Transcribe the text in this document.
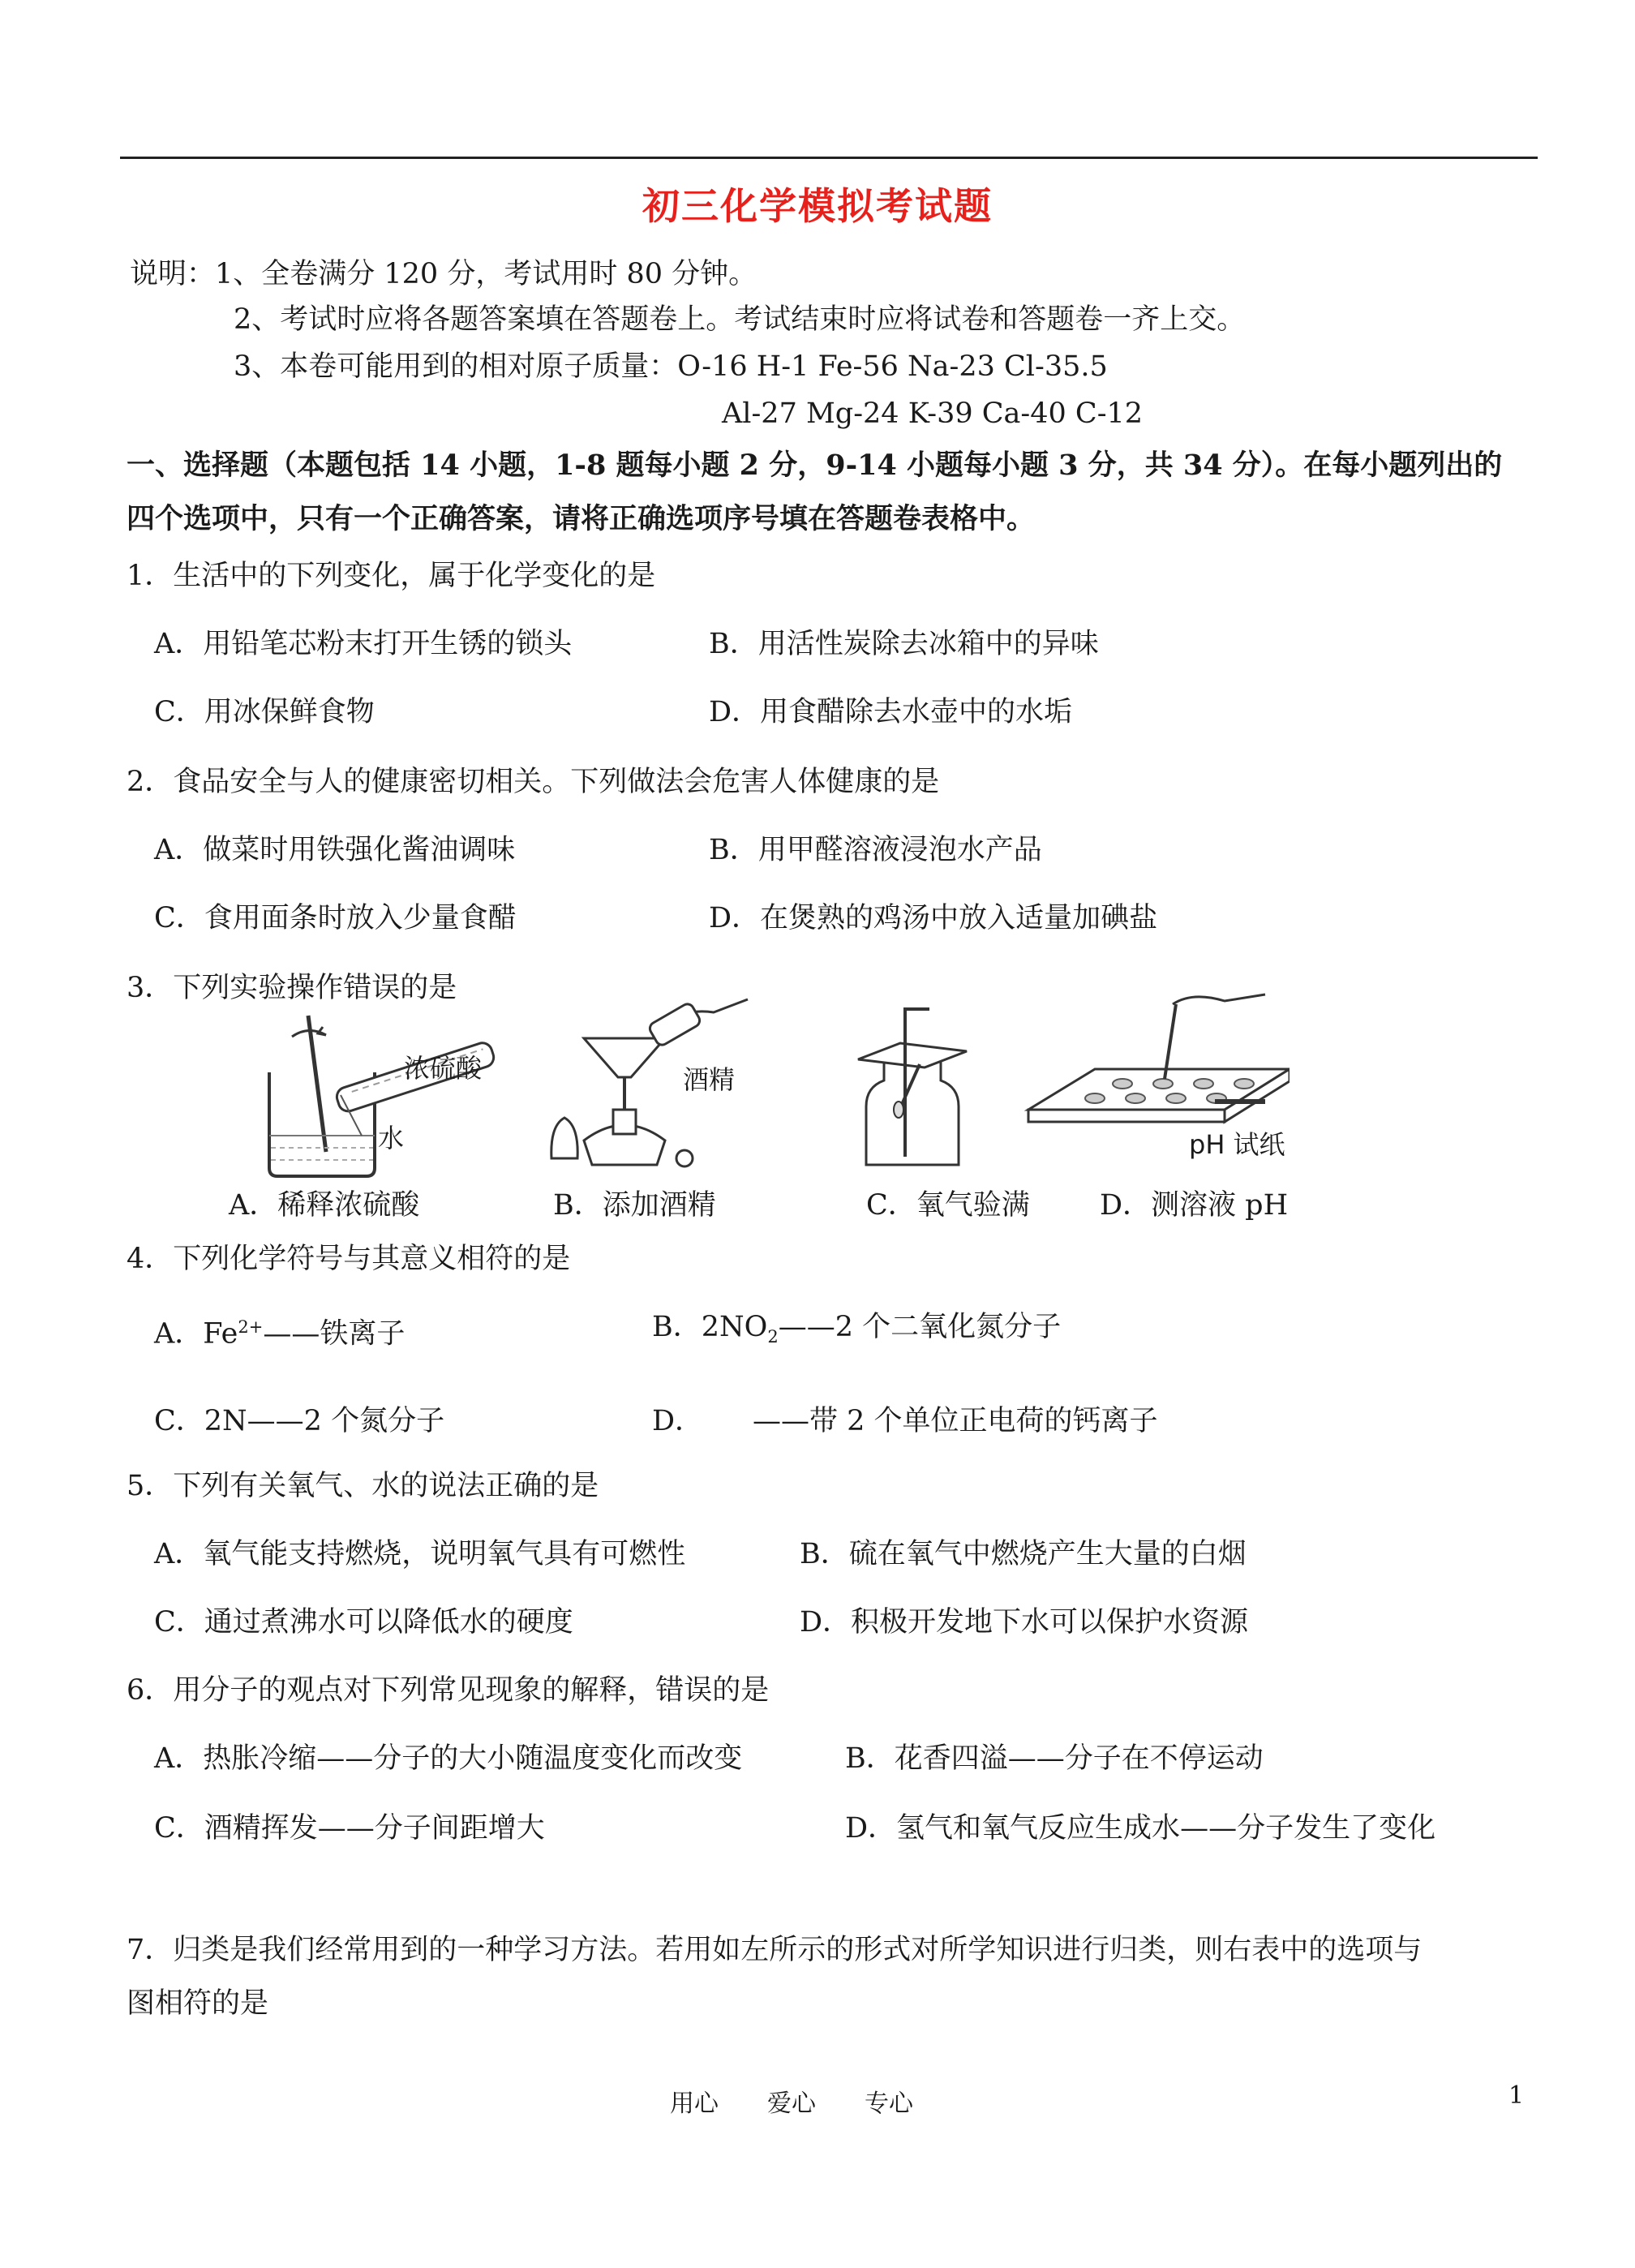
初三化学模拟考试题
说明：1、全卷满分 120 分，考试用时 80 分钟。
2、考试时应将各题答案填在答题卷上。考试结束时应将试卷和答题卷一齐上交。
3、本卷可能用到的相对原子质量：O-16 H-1 Fe-56 Na-23 Cl-35.5
Al-27 Mg-24 K-39 Ca-40 C-12
一、选择题（本题包括 14 小题，1-8 题每小题 2 分，9-14 小题每小题 3 分，共 34 分）。在每小题列出的
四个选项中，只有一个正确答案，请将正确选项序号填在答题卷表格中。
1．生活中的下列变化，属于化学变化的是
A．用铅笔芯粉末打开生锈的锁头	B．用活性炭除去冰箱中的异味
C．用冰保鲜食物	D．用食醋除去水壶中的水垢
2．食品安全与人的健康密切相关。下列做法会危害人体健康的是
A．做菜时用铁强化酱油调味	B．用甲醛溶液浸泡水产品
C．食用面条时放入少量食醋	D．在煲熟的鸡汤中放入适量加碘盐
3．下列实验操作错误的是
浓硫酸
水
酒精
pH 试纸
A．稀释浓硫酸	B．添加酒精	C．氧气验满 D．测溶液 pH
4．下列化学符号与其意义相符的是
A．$Fe^{2+}——$铁离子	B．$2NO_2——2$ 个二氧化氮分子
C．2N——2 个氮分子	D． ——带 2 个单位正电荷的钙离子
5．下列有关氧气、水的说法正确的是
A．氧气能支持燃烧，说明氧气具有可燃性	B．硫在氧气中燃烧产生大量的白烟
C．通过煮沸水可以降低水的硬度	D．积极开发地下水可以保护水资源
6．用分子的观点对下列常见现象的解释，错误的是
A．热胀冷缩——分子的大小随温度变化而改变	B．花香四溢——分子在不停运动
C．酒精挥发——分子间距增大	D．氢气和氧气反应生成水——分子发生了变化
7．归类是我们经常用到的一种学习方法。若用如左所示的形式对所学知识进行归类，则右表中的选项与
图相符的是
用心　　爱心　　专心	1
